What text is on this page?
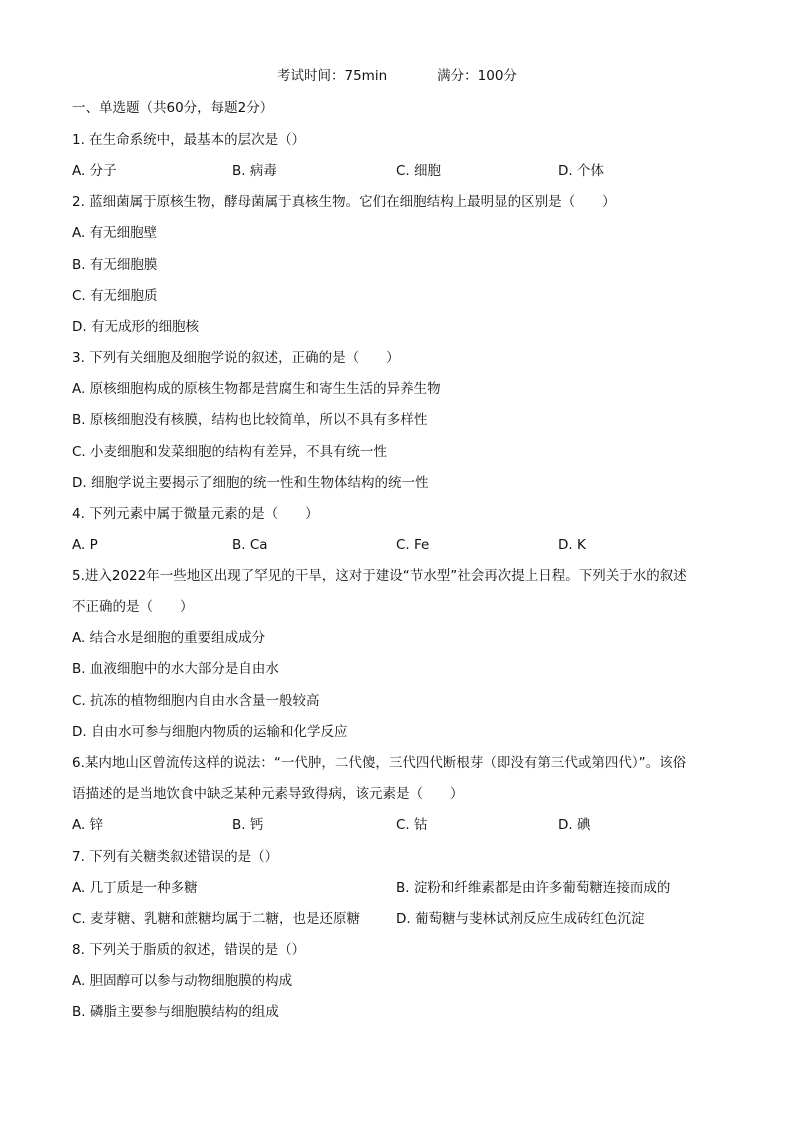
考试时间：75min	满分：100分
一、单选题（共60分，每题2分）
1. 在生命系统中，最基本的层次是（）
A. 分子	B. 病毒	C. 细胞	D. 个体
2. 蓝细菌属于原核生物，酵母菌属于真核生物。它们在细胞结构上最明显的区别是（　　）
A. 有无细胞壁
B. 有无细胞膜
C. 有无细胞质
D. 有无成形的细胞核
3. 下列有关细胞及细胞学说的叙述，正确的是（　　）
A. 原核细胞构成的原核生物都是营腐生和寄生生活的异养生物
B. 原核细胞没有核膜，结构也比较简单，所以不具有多样性
C. 小麦细胞和发菜细胞的结构有差异，不具有统一性
D. 细胞学说主要揭示了细胞的统一性和生物体结构的统一性
4. 下列元素中属于微量元素的是（　　）
A. P	B. Ca	C. Fe	D. K
5.进入2022年一些地区出现了罕见的干旱，这对于建设“节水型”社会再次提上日程。下列关于水的叙述
不正确的是（　　）
A. 结合水是细胞的重要组成成分
B. 血液细胞中的水大部分是自由水
C. 抗冻的植物细胞内自由水含量一般较高
D. 自由水可参与细胞内物质的运输和化学反应
6.某内地山区曾流传这样的说法：“一代肿，二代傻，三代四代断根芽（即没有第三代或第四代）”。该俗
语描述的是当地饮食中缺乏某种元素导致得病，该元素是（　　）
A. 锌	B. 钙	C. 钴	D. 碘
7. 下列有关糖类叙述错误的是（）
A. 几丁质是一种多糖	B. 淀粉和纤维素都是由许多葡萄糖连接而成的
C. 麦芽糖、乳糖和蔗糖均属于二糖，也是还原糖	D. 葡萄糖与斐林试剂反应生成砖红色沉淀
8. 下列关于脂质的叙述，错误的是（）
A. 胆固醇可以参与动物细胞膜的构成
B. 磷脂主要参与细胞膜结构的组成
